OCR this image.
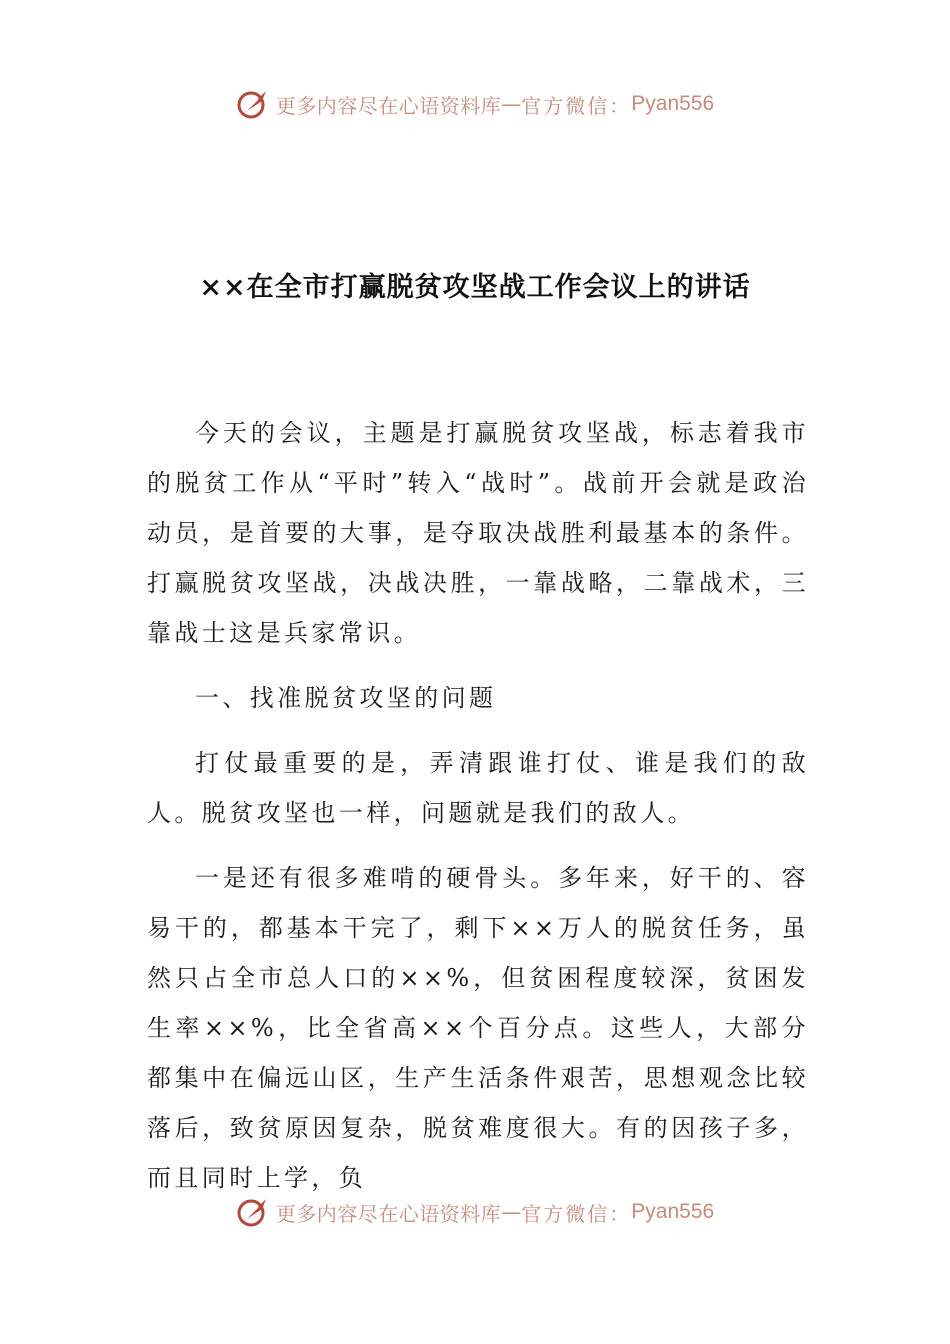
更多内容尽在心语资料库 — 官方微信： Pyan556
××在全市打赢脱贫攻坚战工作会议上的讲话

今天的会议，主题是打赢脱贫攻坚战，标志着我市的脱贫工作从“平时”转入“战时”。战前开会就是政治动员，是首要的大事，是夺取决战胜利最基本的条件。打赢脱贫攻坚战，决战决胜，一靠战略，二靠战术，三靠战士这是兵家常识。

一、找准脱贫攻坚的问题

打仗最重要的是，弄清跟谁打仗、谁是我们的敌人。脱贫攻坚也一样，问题就是我们的敌人。

一是还有很多难啃的硬骨头。多年来，好干的、容易干的，都基本干完了，剩下××万人的脱贫任务，虽然只占全市总人口的××%，但贫困程度较深，贫困发生率××%，比全省高××个百分点。这些人，大部分都集中在偏远山区，生产生活条件艰苦，思想观念比较落后，致贫原因复杂，脱贫难度很大。有的因孩子多，而且同时上学，负

更多内容尽在心语资料库 — 官方微信： Pyan556
